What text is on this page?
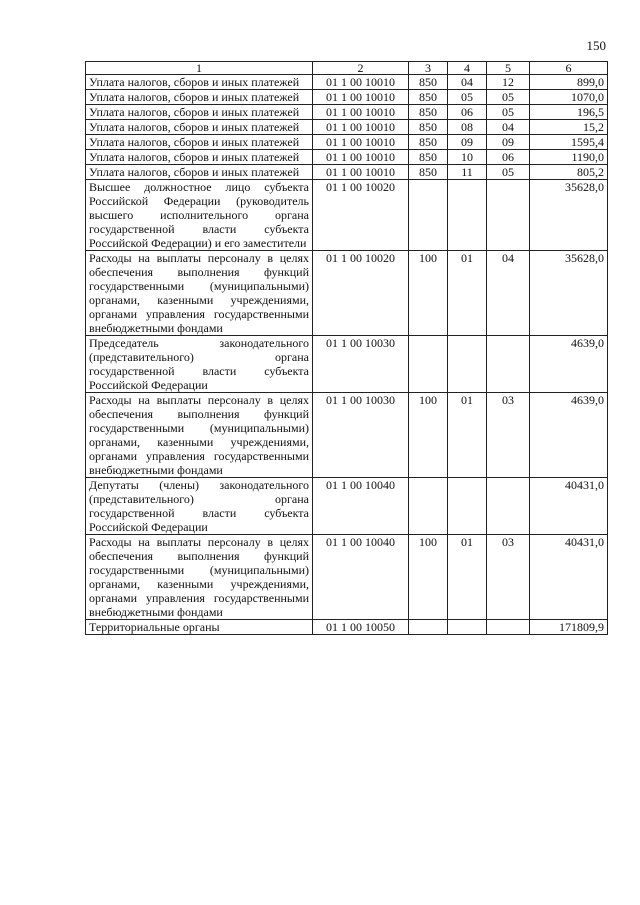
150
1	2	3	4	5	6
Уплата налогов, сборов и иных платежей	01 1 00 10010	850	04	12	899,0
Уплата налогов, сборов и иных платежей	01 1 00 10010	850	05	05	1070,0
Уплата налогов, сборов и иных платежей	01 1 00 10010	850	06	05	196,5
Уплата налогов, сборов и иных платежей	01 1 00 10010	850	08	04	15,2
Уплата налогов, сборов и иных платежей	01 1 00 10010	850	09	09	1595,4
Уплата налогов, сборов и иных платежей	01 1 00 10010	850	10	06	1190,0
Уплата налогов, сборов и иных платежей	01 1 00 10010	850	11	05	805,2
Высшее должностное лицо субъекта Российской Федерации (руководитель высшего исполнительного органа государственной власти субъекта Российской Федерации) и его заместители	01 1 00 10020				35628,0
Расходы на выплаты персоналу в целях обеспечения выполнения функций государственными (муниципальными) органами, казенными учреждениями, органами управления государственными внебюджетными фондами	01 1 00 10020	100	01	04	35628,0
Председатель законодательного (представительного) органа государственной власти субъекта Российской Федерации	01 1 00 10030				4639,0
Расходы на выплаты персоналу в целях обеспечения выполнения функций государственными (муниципальными) органами, казенными учреждениями, органами управления государственными внебюджетными фондами	01 1 00 10030	100	01	03	4639,0
Депутаты (члены) законодательного (представительного) органа государственной власти субъекта Российской Федерации	01 1 00 10040				40431,0
Расходы на выплаты персоналу в целях обеспечения выполнения функций государственными (муниципальными) органами, казенными учреждениями, органами управления государственными внебюджетными фондами	01 1 00 10040	100	01	03	40431,0
Территориальные органы	01 1 00 10050				171809,9
